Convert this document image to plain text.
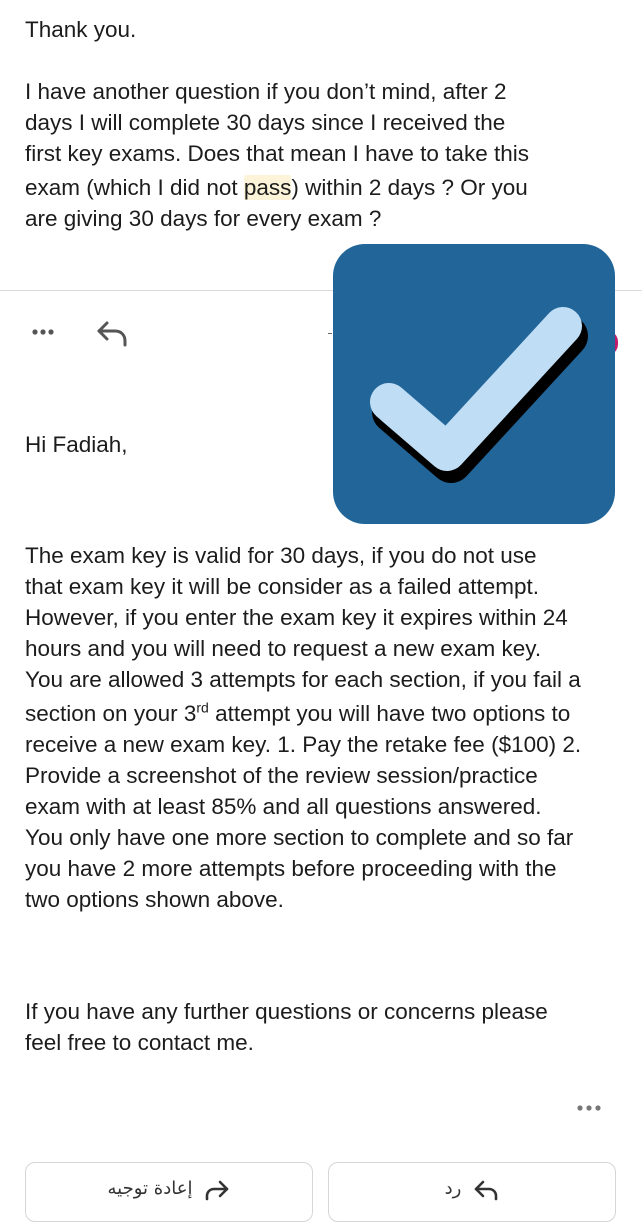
Thank you.

I have another question if you don’t mind, after 2

days I will complete 30 days since I received the

first key exams. Does that mean I have to take this

exam (which I did not pass) within 2 days ? Or you

are giving 30 days for every exam ?

Hi Fadiah,

The exam key is valid for 30 days, if you do not use

that exam key it will be consider as a failed attempt.

However, if you enter the exam key it expires within 24

hours and you will need to request a new exam key.

You are allowed 3 attempts for each section, if you fail a

section on your 3rd attempt you will have two options to

receive a new exam key. 1. Pay the retake fee ($100) 2.

Provide a screenshot of the review session/practice

exam with at least 85% and all questions answered.

You only have one more section to complete and so far

you have 2 more attempts before proceeding with the

two options shown above.

If you have any further questions or concerns please

feel free to contact me.

إعادة توجيه	رد
